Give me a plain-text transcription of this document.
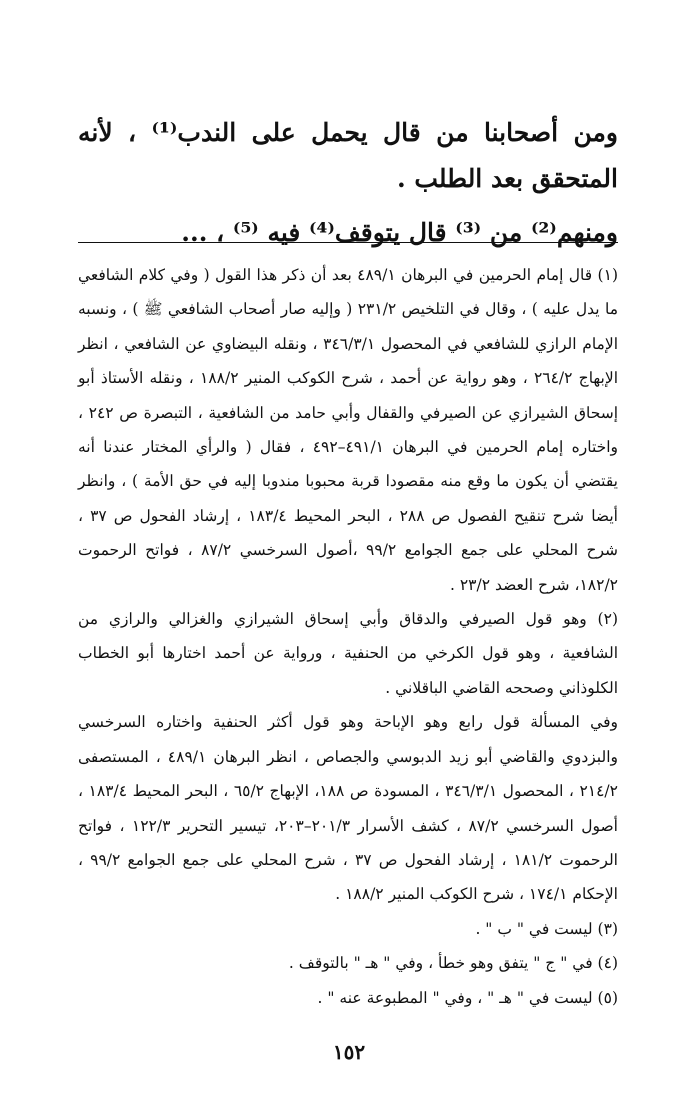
ومن أصحابنا من قال يحمل على الندب⁽¹⁾ ، لأنه المتحقق بعد الطلب .

ومنهم⁽²⁾ من ⁽³⁾ قال يتوقف⁽⁴⁾ فيه ⁽⁵⁾ ، ...

(١) قال إمام الحرمين في البرهان ٤٨٩/١ بعد أن ذكر هذا القول ( وفي كلام الشافعي ما يدل عليه ) ، وقال في التلخيص ٢٣١/٢ ( وإليه صار أصحاب الشافعي ﷺ ) ، ونسبه الإمام الرازي للشافعي في المحصول ٣٤٦/٣/١ ، ونقله البيضاوي عن الشافعي ، انظر الإبهاج ٢٦٤/٢ ، وهو رواية عن أحمد ، شرح الكوكب المنير ١٨٨/٢ ، ونقله الأستاذ أبو إسحاق الشيرازي عن الصيرفي والقفال وأبي حامد من الشافعية ، التبصرة ص ٢٤٢ ، واختاره إمام الحرمين في البرهان ٤٩١/١–٤٩٢ ، فقال ( والرأي المختار عندنا أنه يقتضي أن يكون ما وقع منه مقصودا قربة محبوبا مندوبا إليه في حق الأمة ) ، وانظر أيضا شرح تنقيح الفصول ص ٢٨٨ ، البحر المحيط ١٨٣/٤ ، إرشاد الفحول ص ٣٧ ، شرح المحلي على جمع الجوامع ٩٩/٢ ،أصول السرخسي ٨٧/٢ ، فواتح الرحموت ١٨٢/٢، شرح العضد ٢٣/٢ .

(٢) وهو قول الصيرفي والدقاق وأبي إسحاق الشيرازي والغزالي والرازي من الشافعية ، وهو قول الكرخي من الحنفية ، ورواية عن أحمد اختارها أبو الخطاب الكلوذاني وصححه القاضي الباقلاني .

وفي المسألة قول رابع وهو الإباحة وهو قول أكثر الحنفية واختاره السرخسي والبزدوي والقاضي أبو زيد الدبوسي والجصاص ، انظر البرهان ٤٨٩/١ ، المستصفى ٢١٤/٢ ، المحصول ٣٤٦/٣/١ ، المسودة ص ١٨٨، الإبهاج ٦٥/٢ ، البحر المحيط ١٨٣/٤ ، أصول السرخسي ٨٧/٢ ، كشف الأسرار ٢٠١/٣–٢٠٣، تيسير التحرير ١٢٢/٣ ، فواتح الرحموت ١٨١/٢ ، إرشاد الفحول ص ٣٧ ، شرح المحلي على جمع الجوامع ٩٩/٢ ، الإحكام ١٧٤/١ ، شرح الكوكب المنير ١٨٨/٢ .

(٣) ليست في " ب " .

(٤) في " ج " يتفق وهو خطأ ، وفي " هـ " بالتوقف .

(٥) ليست في " هـ " ، وفي " المطبوعة عنه " .

١٥٢
